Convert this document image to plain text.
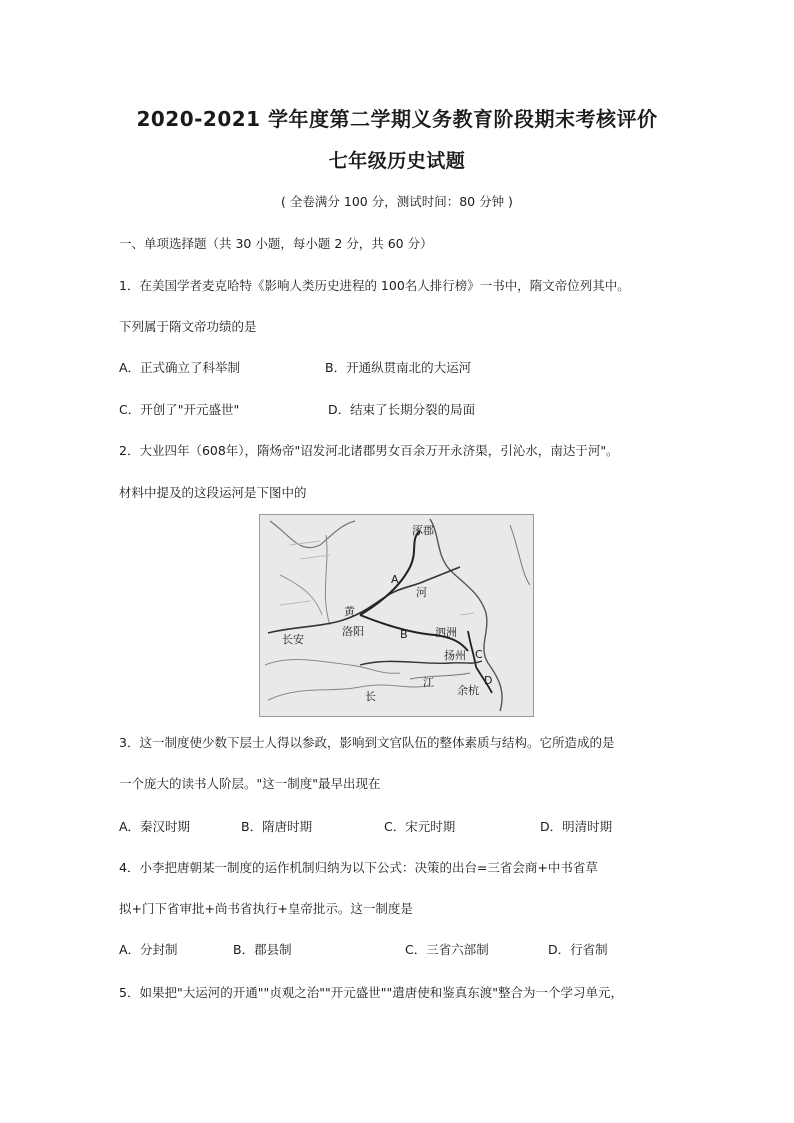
2020-2021 学年度第二学期义务教育阶段期末考核评价
七年级历史试题
( 全卷满分 100 分，测试时间：80 分钟 )
一、单项选择题（共 30 小题，每小题 2 分，共 60 分）
1．在美国学者麦克哈特《影响人类历史进程的 100名人排行榜》一书中，隋文帝位列其中。
下列属于隋文帝功绩的是
A．正式确立了科举制	B．开通纵贯南北的大运河
C．开创了"开元盛世"	D．结束了长期分裂的局面
2．大业四年（608年），隋炀帝"诏发河北诸郡男女百余万开永济渠，引沁水，南达于河"。
材料中提及的这段运河是下图中的
涿郡
A
河
黄
长安
洛阳	B 泗洲
扬州 C
江	D
余杭
长
3．这一制度使少数下层士人得以参政，影响到文官队伍的整体素质与结构。它所造成的是
一个庞大的读书人阶层。"这一制度"最早出现在
A．秦汉时期	B．隋唐时期	C．宋元时期	D．明清时期
4．小李把唐朝某一制度的运作机制归纳为以下公式：决策的出台=三省会商+中书省草
拟+门下省审批+尚书省执行+皇帝批示。这一制度是
A．分封制	B．郡县制	C．三省六部制	D．行省制
5．如果把"大运河的开通""贞观之治""开元盛世""遣唐使和鉴真东渡"整合为一个学习单元，
